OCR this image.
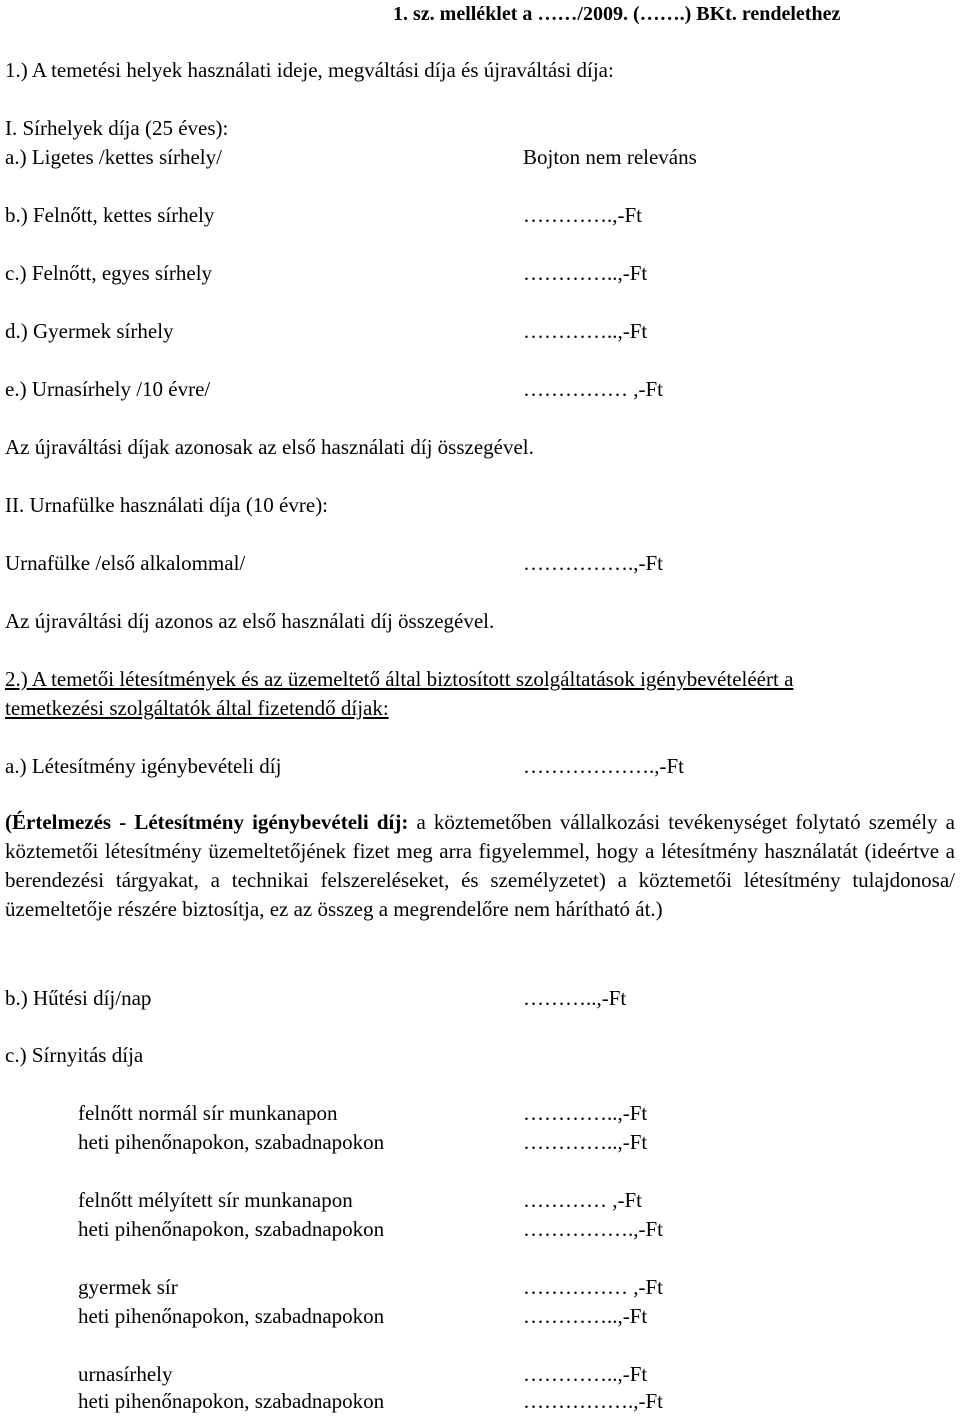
1. sz. melléklet a ……/2009. (…….) BKt. rendelethez
1.) A temetési helyek használati ideje, megváltási díja és újraváltási díja:
I. Sírhelyek díja (25 éves):
a.) Ligetes /kettes sírhely/	Bojton nem releváns
b.) Felnőtt, kettes sírhely	………….,-Ft
c.) Felnőtt, egyes sírhely	…………..,-Ft
d.) Gyermek sírhely	…………..,-Ft
e.) Urnasírhely /10 évre/	…………… ,-Ft
Az újraváltási díjak azonosak az első használati díj összegével.
II. Urnafülke használati díja (10 évre):
Urnafülke /első alkalommal/	…………….,-Ft
Az újraváltási díj azonos az első használati díj összegével.
2.) A temetői létesítmények és az üzemeltető által biztosított szolgáltatások igénybevételéért a
temetkezési szolgáltatók által fizetendő díjak:
a.) Létesítmény igénybevételi díj	……………….,-Ft
(Értelmezés - Létesítmény igénybevételi díj: a köztemetőben vállalkozási tevékenységet folytató személy a köztemetői létesítmény üzemeltetőjének fizet meg arra figyelemmel, hogy a létesítmény használatát (ideértve a berendezési tárgyakat, a technikai felszereléseket, és személyzetet) a köztemetői létesítmény tulajdonosa/üzemeltetője részére biztosítja, ez az összeg a megrendelőre nem hárítható át.)
b.) Hűtési díj/nap	………..,-Ft
c.) Sírnyitás díja
felnőtt normál sír munkanapon	…………..,-Ft
heti pihenőnapokon, szabadnapokon	…………..,-Ft
felnőtt mélyített sír munkanapon	………… ,-Ft
heti pihenőnapokon, szabadnapokon	…………….,-Ft
gyermek sír	…………… ,-Ft
heti pihenőnapokon, szabadnapokon	…………..,-Ft
urnasírhely	…………..,-Ft
heti pihenőnapokon, szabadnapokon	…………….,-Ft
